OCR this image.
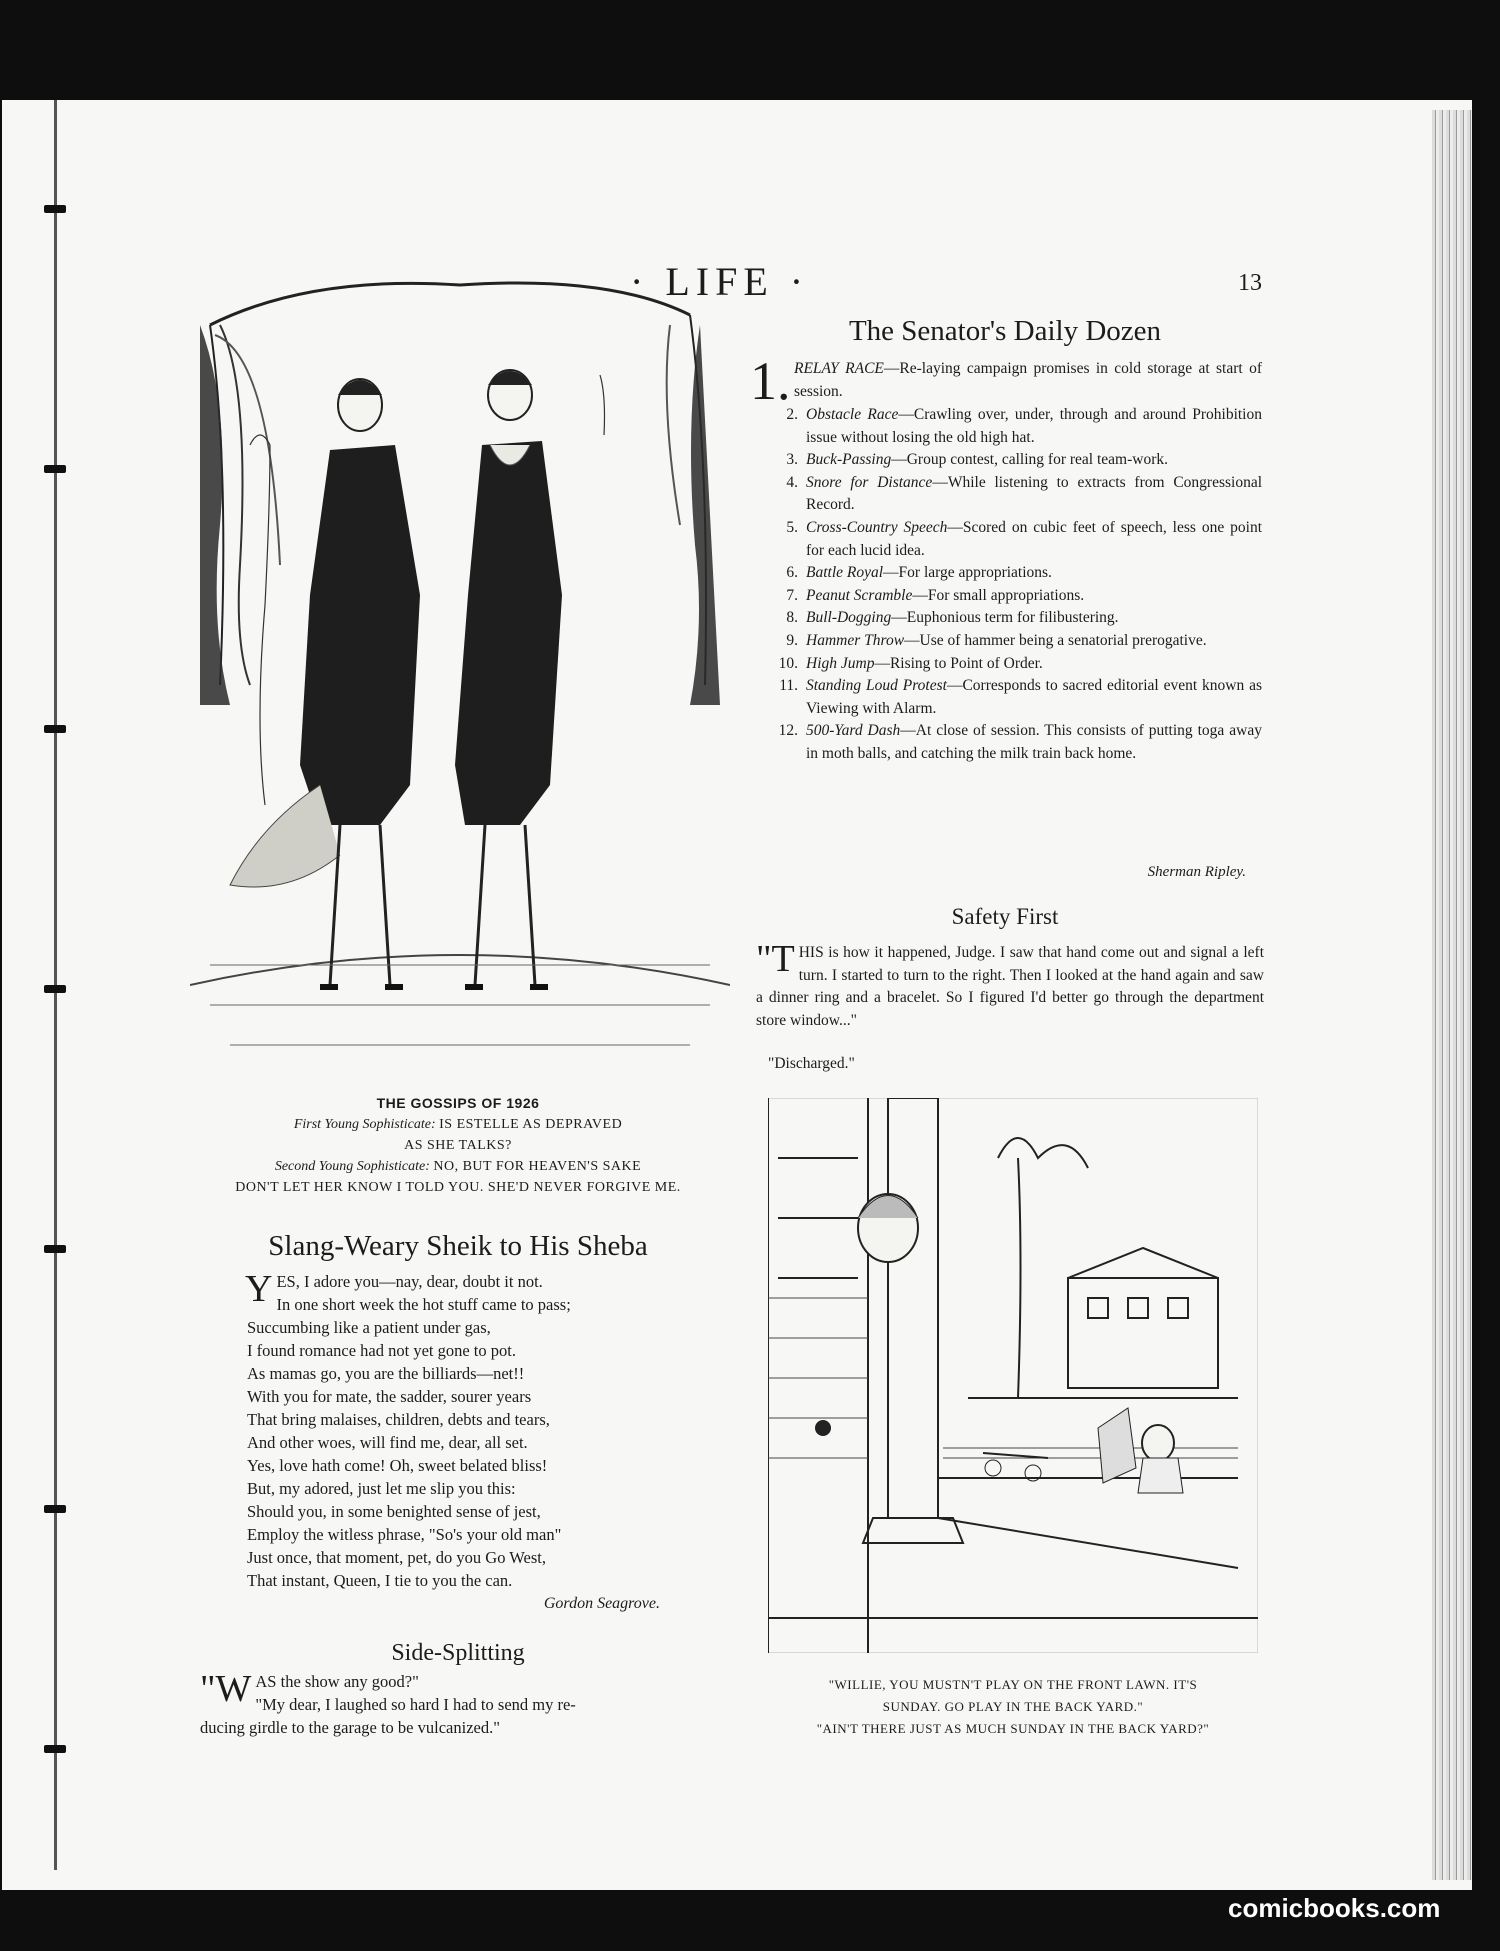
· LIFE ·	13
THE GOSSIPS OF 1926
First Young Sophisticate: IS ESTELLE AS DEPRAVED
AS SHE TALKS?
Second Young Sophisticate: NO, BUT FOR HEAVEN'S SAKE
DON'T LET HER KNOW I TOLD YOU. SHE'D NEVER FORGIVE ME.
Slang-Weary Sheik to His Sheba
Y ES, I adore you—nay, dear, doubt it not.
In one short week the hot stuff came to pass;
Succumbing like a patient under gas,
I found romance had not yet gone to pot.
As mamas go, you are the billiards—net!!
With you for mate, the sadder, sourer years
That bring malaises, children, debts and tears,
And other woes, will find me, dear, all set.
Yes, love hath come! Oh, sweet belated bliss!
But, my adored, just let me slip you this:
Should you, in some benighted sense of jest,
Employ the witless phrase, "So's your old man"
Just once, that moment, pet, do you Go West,
That instant, Queen, I tie to you the can.
Gordon Seagrove.
Side-Splitting
"W AS the show any good?"
"My dear, I laughed so hard I had to send my re-
ducing girdle to the garage to be vulcanized."
The Senator's Daily Dozen
1. RELAY RACE—Re-laying campaign promises in cold storage at start of session.
2. Obstacle Race—Crawling over, under, through and around Prohibition issue without losing the old high hat.
3. Buck-Passing—Group contest, calling for real team-work.
4. Snore for Distance—While listening to extracts from Congressional Record.
5. Cross-Country Speech—Scored on cubic feet of speech, less one point for each lucid idea.
6. Battle Royal—For large appropriations.
7. Peanut Scramble—For small appropriations.
8. Bull-Dogging—Euphonious term for filibustering.
9. Hammer Throw—Use of hammer being a senatorial prerogative.
10. High Jump—Rising to Point of Order.
11. Standing Loud Protest—Corresponds to sacred editorial event known as Viewing with Alarm.
12. 500-Yard Dash—At close of session. This consists of putting toga away in moth balls, and catching the milk train back home.
Sherman Ripley.
Safety First
"THIS is how it happened, Judge. I saw that hand come out and signal a left turn. I started to turn to the right. Then I looked at the hand again and saw a dinner ring and a bracelet. So I figured I'd better go through the department store window..."
"Discharged."
"WILLIE, YOU MUSTN'T PLAY ON THE FRONT LAWN. IT'S
SUNDAY. GO PLAY IN THE BACK YARD."
"AIN'T THERE JUST AS MUCH SUNDAY IN THE BACK YARD?"
comicbooks.com
